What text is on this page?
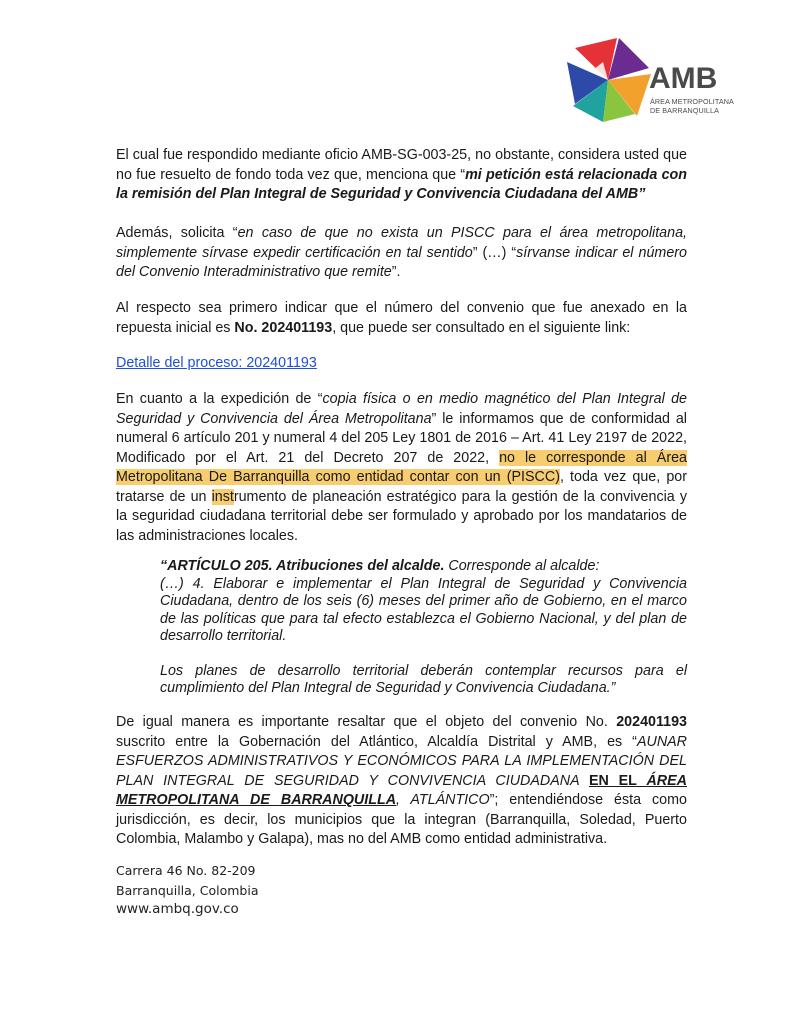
AMB
ÁREA METROPOLITANA
DE BARRANQUILLA

El cual fue respondido mediante oficio AMB-SG-003-25, no obstante, considera usted que no fue resuelto de fondo toda vez que, menciona que “mi petición está relacionada con la remisión del Plan Integral de Seguridad y Convivencia Ciudadana del AMB”

Además, solicita “en caso de que no exista un PISCC para el área metropolitana, simplemente sírvase expedir certificación en tal sentido” (…) “sírvanse indicar el número del Convenio Interadministrativo que remite”.

Al respecto sea primero indicar que el número del convenio que fue anexado en la repuesta inicial es No. 202401193, que puede ser consultado en el siguiente link:

Detalle del proceso: 202401193

En cuanto a la expedición de “copia física o en medio magnético del Plan Integral de Seguridad y Convivencia del Área Metropolitana” le informamos que de conformidad al numeral 6 artículo 201 y numeral 4 del 205 Ley 1801 de 2016 – Art. 41 Ley 2197 de 2022, Modificado por el Art. 21 del Decreto 207 de 2022, no le corresponde al Área Metropolitana De Barranquilla como entidad contar con un (PISCC), toda vez que, por tratarse de un instrumento de planeación estratégico para la gestión de la convivencia y la seguridad ciudadana territorial debe ser formulado y aprobado por los mandatarios de las administraciones locales.

“ARTÍCULO 205. Atribuciones del alcalde. Corresponde al alcalde:

(…) 4. Elaborar e implementar el Plan Integral de Seguridad y Convivencia Ciudadana, dentro de los seis (6) meses del primer año de Gobierno, en el marco de las políticas que para tal efecto establezca el Gobierno Nacional, y del plan de desarrollo territorial.

Los planes de desarrollo territorial deberán contemplar recursos para el cumplimiento del Plan Integral de Seguridad y Convivencia Ciudadana.”

De igual manera es importante resaltar que el objeto del convenio No. 202401193 suscrito entre la Gobernación del Atlántico, Alcaldía Distrital y AMB, es “AUNAR ESFUERZOS ADMINISTRATIVOS Y ECONÓMICOS PARA LA IMPLEMENTACIÓN DEL PLAN INTEGRAL DE SEGURIDAD Y CONVIVENCIA CIUDADANA EN EL ÁREA METROPOLITANA DE BARRANQUILLA, ATLÁNTICO”; entendiéndose ésta como jurisdicción, es decir, los municipios que la integran (Barranquilla, Soledad, Puerto Colombia, Malambo y Galapa), mas no del AMB como entidad administrativa.

Carrera 46 No. 82-209
Barranquilla, Colombia
www.ambq.gov.co
